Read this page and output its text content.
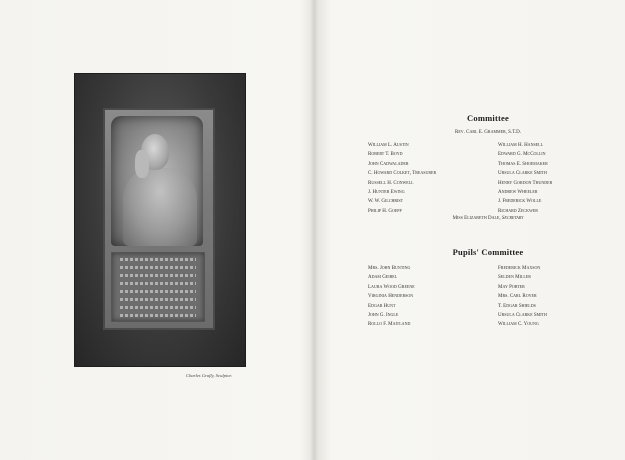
Charles Grafly, Sculptor.
Committee
Rev. Carl E. Grammer, S.T.D.
William L. Austin
Robert T. Boyd
John Cadwalader
C. Howard Colket, Treasurer
Russell H. Conwell
J. Hunter Ewing
W. W. Gilchrist
Philip H. Goepp
William H. Hansell
Edward G. McCollin
Thomas E. Shoemaker
Ursula Clarke Smith
Henry Gordon Thunder
Andrew Wheeler
J. Frederick Wolle
Richard Zeckwer
Miss Elizabeth Dale, Secretary
Pupils' Committee
Mrs. John Bunting
Adam Geibel
Laura Wood Greene
Virginia Henderson
Edgar Hunt
John G. Ingle
Rollo F. Maitland
Frederick Maxson
Selden Miller
May Porter
Mrs. Carl Royer
T. Edgar Shields
Ursula Clarke Smith
William C. Young
